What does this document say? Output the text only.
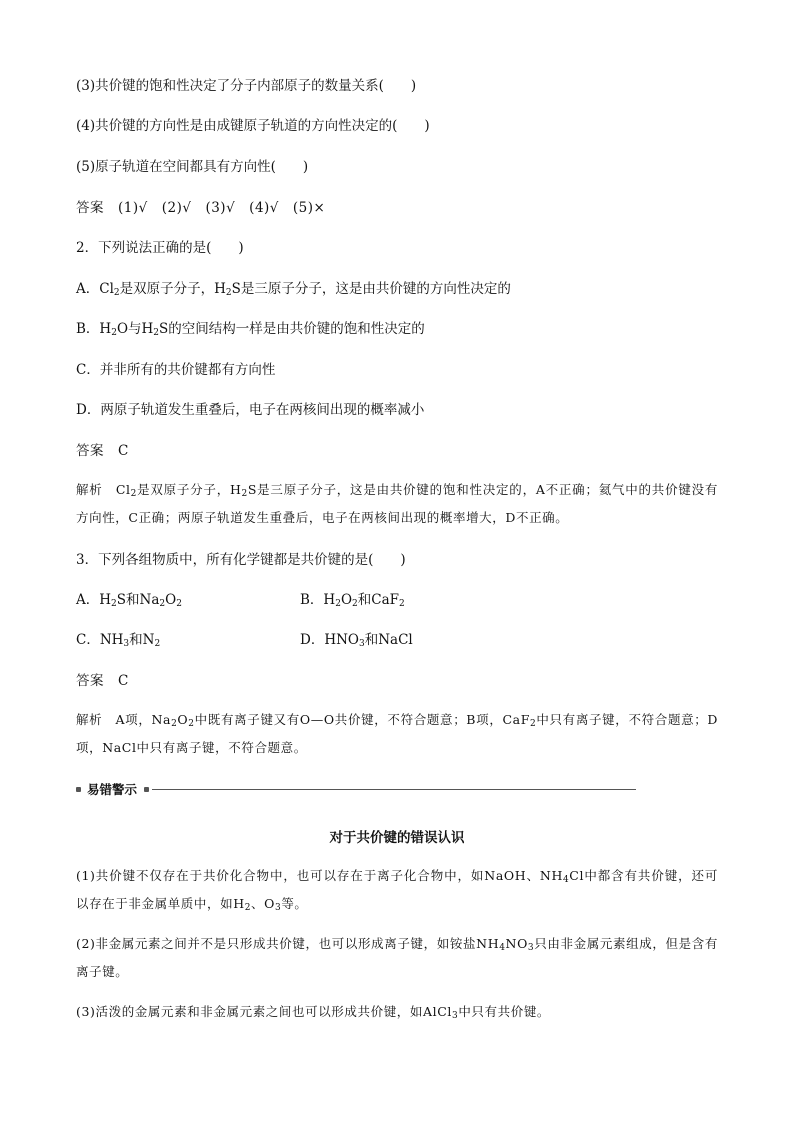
(3)共价键的饱和性决定了分子内部原子的数量关系(　　)
(4)共价键的方向性是由成键原子轨道的方向性决定的(　　)
(5)原子轨道在空间都具有方向性(　　)
答案　(1)√　(2)√　(3)√　(4)√　(5)×
2．下列说法正确的是(　　)
A．$Cl_2$是双原子分子，$H_2S$是三原子分子，这是由共价键的方向性决定的
B．$H_2O$与$H_2S$的空间结构一样是由共价键的饱和性决定的
C．并非所有的共价键都有方向性
D．两原子轨道发生重叠后，电子在两核间出现的概率减小
答案　C
解析　$Cl_2$是双原子分子，$H_2S$是三原子分子，这是由共价键的饱和性决定的，A不正确；氦气中的共价键没有方向性，C正确；两原子轨道发生重叠后，电子在两核间出现的概率增大，D不正确。
3．下列各组物质中，所有化学键都是共价键的是(　　)
A．$H_2S$和$Na_2O_2$	B．$H_2O_2$和CaF$_2$
C．$NH_3$和$N_2$	D．$HNO_3$和NaCl
答案　C
解析　A项，$Na_2O_2$中既有离子键又有O—O共价键，不符合题意；B项，CaF$_2$中只有离子键，不符合题意；D项，NaCl中只有离子键，不符合题意。
易错警示
对于共价键的错误认识
(1)共价键不仅存在于共价化合物中，也可以存在于离子化合物中，如NaOH、$NH_4Cl$中都含有共价键，还可以存在于非金属单质中，如$H_2$、$O_3$等。
(2)非金属元素之间并不是只形成共价键，也可以形成离子键，如铵盐$NH_4NO_3$只由非金属元素组成，但是含有离子键。
(3)活泼的金属元素和非金属元素之间也可以形成共价键，如AlCl$_3$中只有共价键。
